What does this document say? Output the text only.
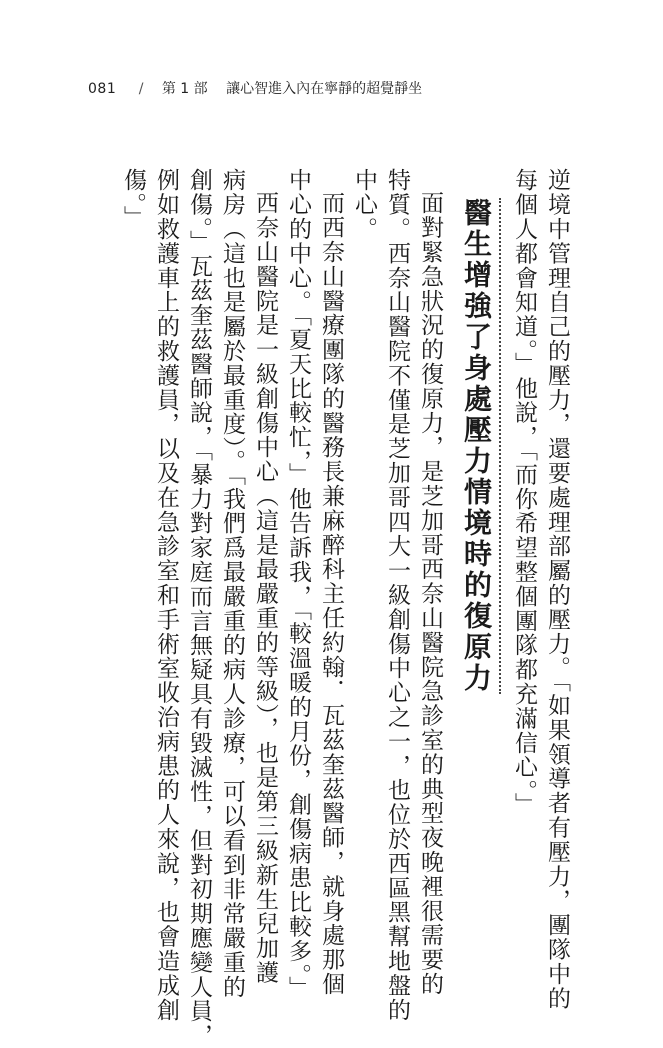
081 / 第 1 部 讓心智進入內在寧靜的超覺靜坐
逆境中管理自己的壓力，還要處理部屬的壓力。「如果領導者有壓力，團隊中的
每個人都會知道。」他說，「而你希望整個團隊都充滿信心。」
醫生增強了身處壓力情境時的復原力
面對緊急狀況的復原力，是芝加哥西奈山醫院急診室的典型夜晚裡很需要的
特質。西奈山醫院不僅是芝加哥四大一級創傷中心之一，也位於西區黑幫地盤的
中心。
而西奈山醫療團隊的醫務長兼麻醉科主任約翰．瓦茲奎茲醫師，就身處那個
中心的中心。「夏天比較忙，」他告訴我，「較溫暖的月份，創傷病患比較多。」
西奈山醫院是一級創傷中心（這是最嚴重的等級），也是第三級新生兒加護
病房（這也是屬於最重度）。「我們爲最嚴重的病人診療，可以看到非常嚴重的
創傷。」瓦茲奎茲醫師說，「暴力對家庭而言無疑具有毀滅性，但對初期應變人員，
例如救護車上的救護員，以及在急診室和手術室收治病患的人來說，也會造成創
傷。」
